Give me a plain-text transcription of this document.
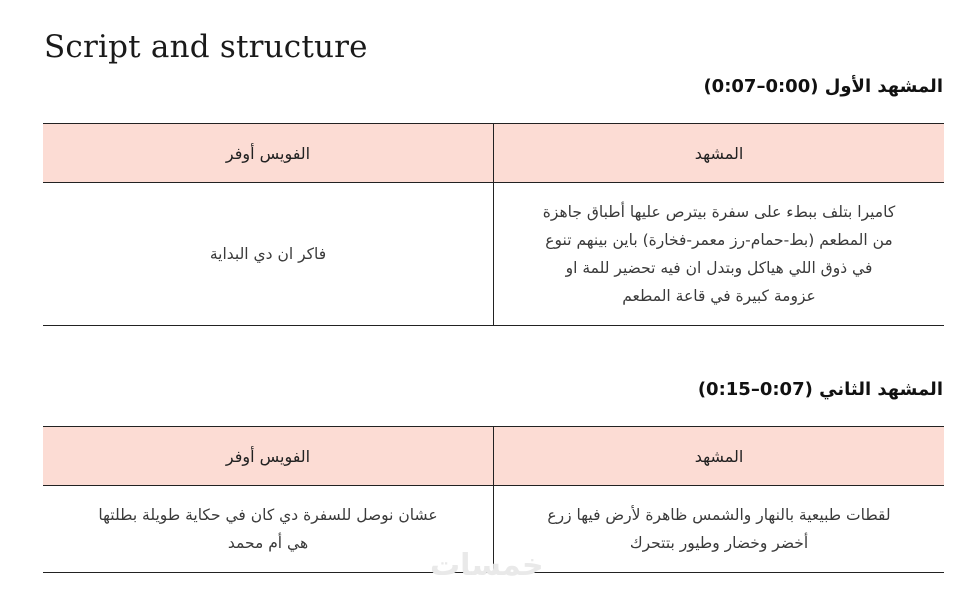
Script and structure
المشهد الأول (0:00–0:07)
المشهد	الفويس أوفر

كاميرا بتلف ببطء على سفرة بيترص عليها أطباق جاهزة
من المطعم (بط-حمام-رز معمر-فخارة) باين بينهم تنوع
في ذوق اللي هياكل وبتدل ان فيه تحضير للمة او
عزومة كبيرة في قاعة المطعم	فاكر ان دي البداية
المشهد الثاني (0:07–0:15)
المشهد	الفويس أوفر

لقطات طبيعية بالنهار والشمس ظاهرة لأرض فيها زرع
أخضر وخضار وطيور بتتحرك	عشان نوصل للسفرة دي كان في حكاية طويلة بطلتها
هي أم محمد
خمسات
